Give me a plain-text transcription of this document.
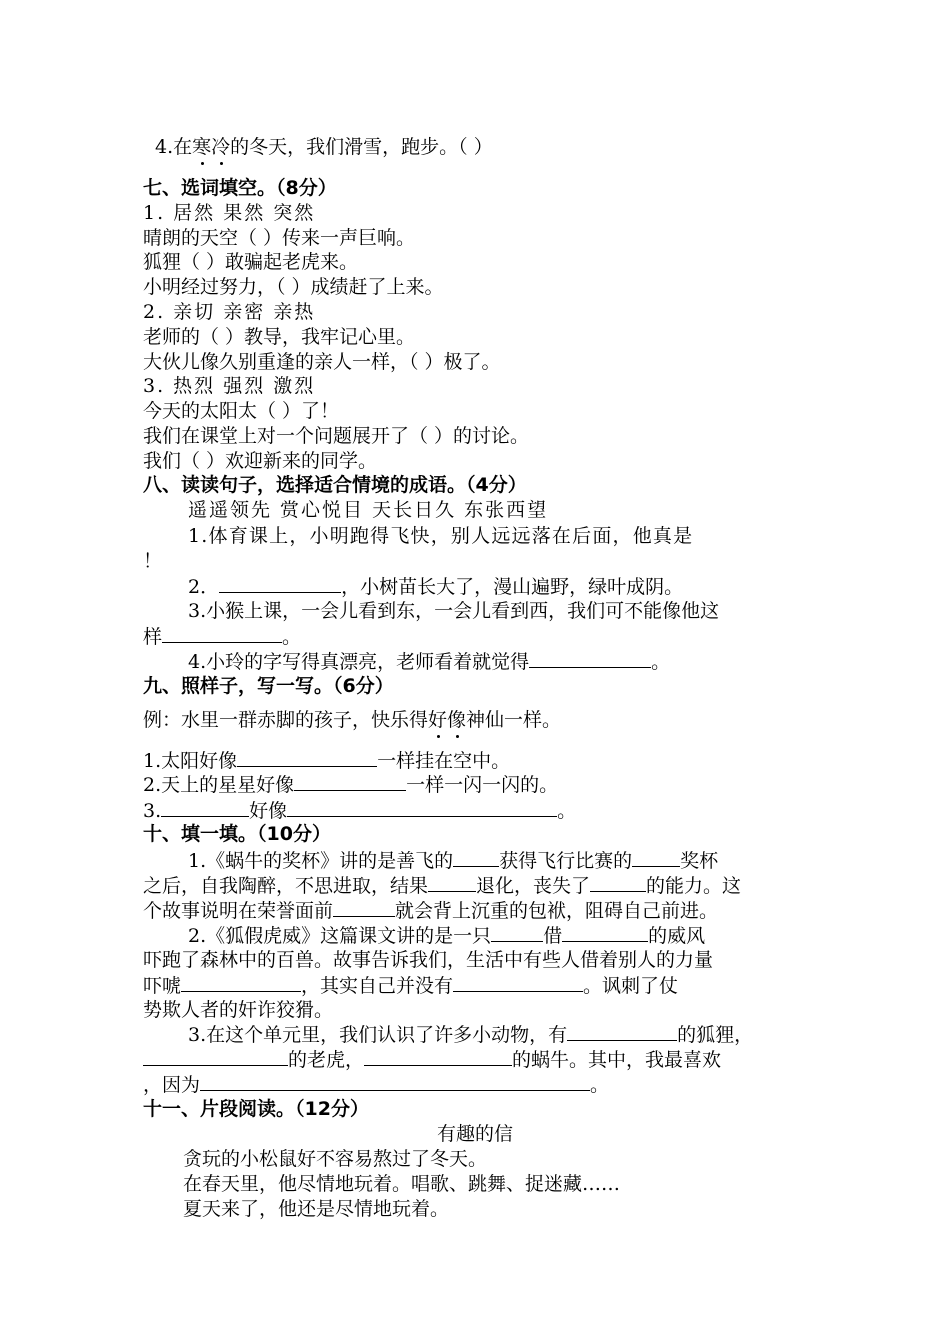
4.在寒冷的冬天，我们滑雪，跑步。（ ）
七、选词填空。（8分）
1. 居然 果然 突然
晴朗的天空（ ）传来一声巨响。
狐狸（ ）敢骗起老虎来。
小明经过努力，（ ）成绩赶了上来。
2. 亲切 亲密 亲热
老师的（ ）教导，我牢记心里。
大伙儿像久别重逢的亲人一样，（ ）极了。
3. 热烈 强烈 激烈
今天的太阳太（ ）了！
我们在课堂上对一个问题展开了（ ）的讨论。
我们（ ）欢迎新来的同学。
八、读读句子，选择适合情境的成语。（4分）
遥遥领先 赏心悦目 天长日久 东张西望
1.体育课上，小明跑得飞快，别人远远落在后面，他真是
！
2．	，小树苗长大了，漫山遍野，绿叶成阴。
3.小猴上课，一会儿看到东，一会儿看到西，我们可不能像他这
样	。
4.小玲的字写得真漂亮，老师看着就觉得	。
九、照样子，写一写。（6分）
例：水里一群赤脚的孩子，快乐得好像神仙一样。
1.太阳好像	一样挂在空中。
2.天上的星星好像	一样一闪一闪的。
3.	好像	。
十、填一填。（10分）
1.《蜗牛的奖杯》讲的是善飞的 获得飞行比赛的	奖杯
之后，自我陶醉，不思进取，结果	退化，丧失了	的能力。这
个故事说明在荣誉面前	就会背上沉重的包袱，阻碍自己前进。
2.《狐假虎威》这篇课文讲的是一只	借	的威风
吓跑了森林中的百兽。故事告诉我们，生活中有些人借着别人的力量
吓唬	，其实自己并没有	。讽刺了仗
势欺人者的奸诈狡猾。
3.在这个单元里，我们认识了许多小动物，有	的狐狸，
的老虎，	的蜗牛。其中，我最喜欢
，因为	。
十一、片段阅读。（12分）
有趣的信
贪玩的小松鼠好不容易熬过了冬天。
在春天里，他尽情地玩着。唱歌、跳舞、捉迷藏……
夏天来了，他还是尽情地玩着。
